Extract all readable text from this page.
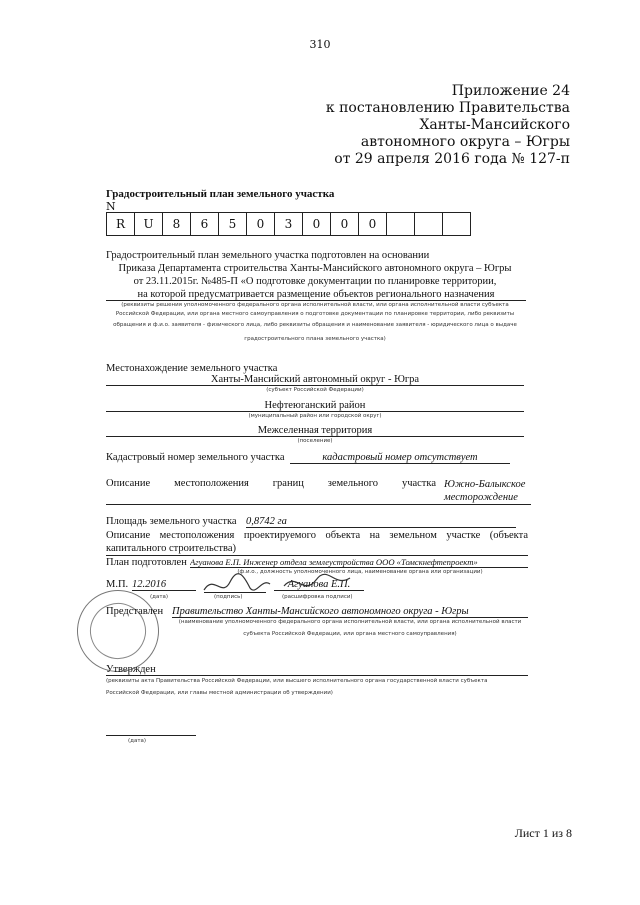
310
Приложение 24
к постановлению Правительства
Ханты-Мансийского
автономного округа – Югры
от 29 апреля 2016 года № 127-п
Градостроительный план земельного участка
N
R	U	8	6	5	0	3	0	0	0			
Градостроительный план земельного участка подготовлен на основании
Приказа Департамента строительства Ханты-Мансийского автономного округа – Югры
от 23.11.2015г. №485-П «О подготовке документации по планировке территории,
на которой предусматривается размещение объектов регионального назначения
(реквизиты решения уполномоченного федерального органа исполнительной власти, или органа исполнительной власти субъекта
Российской Федерации, или органа местного самоуправления о подготовке документации по планировке территории, либо реквизиты
обращения и ф.и.о. заявителя - физического лица, либо реквизиты обращения и наименование заявителя - юридического лица о выдаче
градостроительного плана земельного участка)
Местонахождение земельного участка
Ханты-Мансийский автономный округ - Югра
(субъект Российской Федерации)
Нефтеюганский район
(муниципальный район или городской округ)
Межселенная территория
(поселение)
Кадастровый номер земельного участка	кадастровый номер отсутствует
Описание местоположения границ земельного участка Южно-Балыкское месторождение
Площадь земельного участка 0,8742 га
Описание местоположения проектируемого объекта на земельном участке (объекта капитального строительства)
План подготовлен Агуанова Е.П. Инженер отдела землеустройства ООО «Томскнефтепроект»
(ф.и.о., должность уполномоченного лица, наименование органа или организации)
М.П. 12.2016	Агуанова Е.П.
(дата)	(подпись)	(расшифровка подписи)
Представлен Правительство Ханты-Мансийского автономного округа - Югры
(наименование уполномоченного федерального органа исполнительной власти, или органа исполнительной власти
субъекта Российской Федерации, или органа местного самоуправления)
Утвержден
(реквизиты акта Правительства Российской Федерации, или высшего исполнительного органа государственной власти субъекта
Российской Федерации, или главы местной администрации об утверждении)
(дата)
Лист 1 из 8
